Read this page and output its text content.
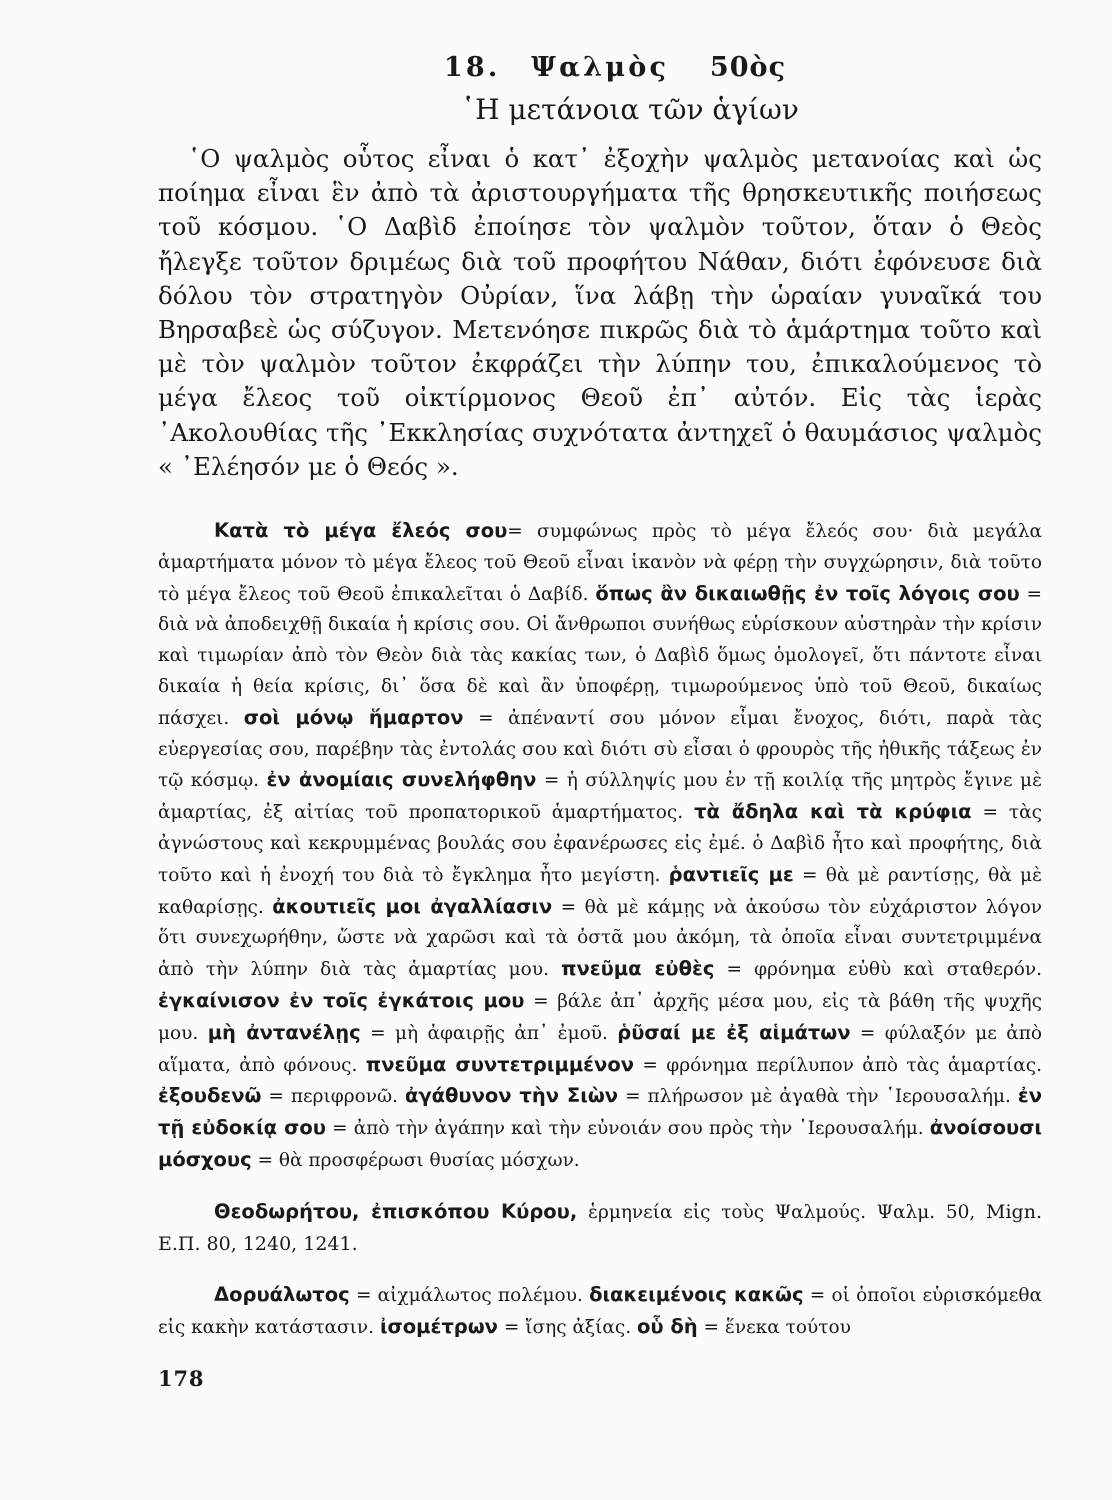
18. Ψαλμὸς 50ὸς
῾Η μετάνοια τῶν ἁγίων

῾Ο ψαλμὸς οὗτος εἶναι ὁ κατ᾽ ἐξοχὴν ψαλμὸς μετανοίας καὶ ὡς ποίημα εἶναι ἓν ἀπὸ τὰ ἀριστουργήματα τῆς θρησκευτικῆς ποιήσεως τοῦ κόσμου. ῾Ο Δαβὶδ ἐποίησε τὸν ψαλμὸν τοῦτον, ὅταν ὁ Θεὸς ἤλεγξε τοῦτον δριμέως διὰ τοῦ προφήτου Νάθαν, διότι ἐφόνευσε διὰ δόλου τὸν στρατηγὸν Οὐρίαν, ἵνα λάβῃ τὴν ὡραίαν γυναῖκά του Βηρσαβεὲ ὡς σύζυγον. Μετενόησε πικρῶς διὰ τὸ ἁμάρτημα τοῦτο καὶ μὲ τὸν ψαλμὸν τοῦτον ἐκφράζει τὴν λύπην του, ἐπικαλούμενος τὸ μέγα ἔλεος τοῦ οἰκτίρμονος Θεοῦ ἐπ᾽ αὐτόν. Εἰς τὰς ἱερὰς ᾽Ακολουθίας τῆς ᾽Εκκλησίας συχνότατα ἀντηχεῖ ὁ θαυμάσιος ψαλμὸς « ᾽Ελέησόν με ὁ Θεός ».

Κατὰ τὸ μέγα ἔλεός σου= συμφώνως πρὸς τὸ μέγα ἔλεός σου· διὰ μεγάλα ἁμαρτήματα μόνον τὸ μέγα ἔλεος τοῦ Θεοῦ εἶναι ἱκανὸν νὰ φέρῃ τὴν συγχώρησιν, διὰ τοῦτο τὸ μέγα ἔλεος τοῦ Θεοῦ ἐπικαλεῖται ὁ Δαβίδ. ὅπως ἂν δικαιωθῇς ἐν τοῖς λόγοις σου = διὰ νὰ ἀποδειχθῇ δικαία ἡ κρίσις σου. Οἱ ἄνθρωποι συνήθως εὑρίσκουν αὐστηρὰν τὴν κρίσιν καὶ τιμωρίαν ἀπὸ τὸν Θεὸν διὰ τὰς κακίας των, ὁ Δαβὶδ ὅμως ὁμολογεῖ, ὅτι πάντοτε εἶναι δικαία ἡ θεία κρίσις, δι᾽ ὅσα δὲ καὶ ἂν ὑποφέρῃ, τιμωρούμενος ὑπὸ τοῦ Θεοῦ, δικαίως πάσχει. σοὶ μόνῳ ἥμαρτον = ἀπέναντί σου μόνον εἶμαι ἔνοχος, διότι, παρὰ τὰς εὐεργεσίας σου, παρέβην τὰς ἐντολάς σου καὶ διότι σὺ εἶσαι ὁ φρουρὸς τῆς ἠθικῆς τάξεως ἐν τῷ κόσμῳ. ἐν ἀνομίαις συνελήφθην = ἡ σύλληψίς μου ἐν τῇ κοιλίᾳ τῆς μητρὸς ἔγινε μὲ ἁμαρτίας, ἐξ αἰτίας τοῦ προπατορικοῦ ἁμαρτήματος. τὰ ἄδηλα καὶ τὰ κρύφια = τὰς ἀγνώστους καὶ κεκρυμμένας βουλάς σου ἐφανέρωσες εἰς ἐμέ. ὁ Δαβὶδ ἦτο καὶ προφήτης, διὰ τοῦτο καὶ ἡ ἐνοχή του διὰ τὸ ἔγκλημα ἦτο μεγίστη. ῥαντιεῖς με = θὰ μὲ ραντίσῃς, θὰ μὲ καθαρίσῃς. ἀκουτιεῖς μοι ἀγαλλίασιν = θὰ μὲ κάμῃς νὰ ἀκούσω τὸν εὐχάριστον λόγον ὅτι συνεχωρήθην, ὥστε νὰ χαρῶσι καὶ τὰ ὀστᾶ μου ἀκόμη, τὰ ὁποῖα εἶναι συντετριμμένα ἀπὸ τὴν λύπην διὰ τὰς ἁμαρτίας μου. πνεῦμα εὐθὲς = φρόνημα εὐθὺ καὶ σταθερόν. ἐγκαίνισον ἐν τοῖς ἐγκάτοις μου = βάλε ἀπ᾽ ἀρχῆς μέσα μου, εἰς τὰ βάθη τῆς ψυχῆς μου. μὴ ἀντανέλῃς = μὴ ἀφαιρῇς ἀπ᾽ ἐμοῦ. ῥῦσαί με ἐξ αἱμάτων = φύλαξόν με ἀπὸ αἵματα, ἀπὸ φόνους. πνεῦμα συντετριμμένον = φρόνημα περίλυπον ἀπὸ τὰς ἁμαρτίας. ἐξουδενῶ = περιφρονῶ. ἀγάθυνον τὴν Σιὼν = πλήρωσον μὲ ἀγαθὰ τὴν ῾Ιερουσαλήμ. ἐν τῇ εὐδοκίᾳ σου = ἀπὸ τὴν ἀγάπην καὶ τὴν εὐνοιάν σου πρὸς τὴν ῾Ιερουσαλήμ. ἀνοίσουσι μόσχους = θὰ προσφέρωσι θυσίας μόσχων.

Θεοδωρήτου, ἐπισκόπου Κύρου, ἑρμηνεία εἰς τοὺς Ψαλμούς. Ψαλμ. 50, Mign. Ε.Π. 80, 1240, 1241.

Δορυάλωτος = αἰχμάλωτος πολέμου. διακειμένοις κακῶς = οἱ ὁποῖοι εὑρισκόμεθα εἰς κακὴν κατάστασιν. ἰσομέτρων = ἴσης ἀξίας. οὗ δὴ = ἕνεκα τούτου

178
